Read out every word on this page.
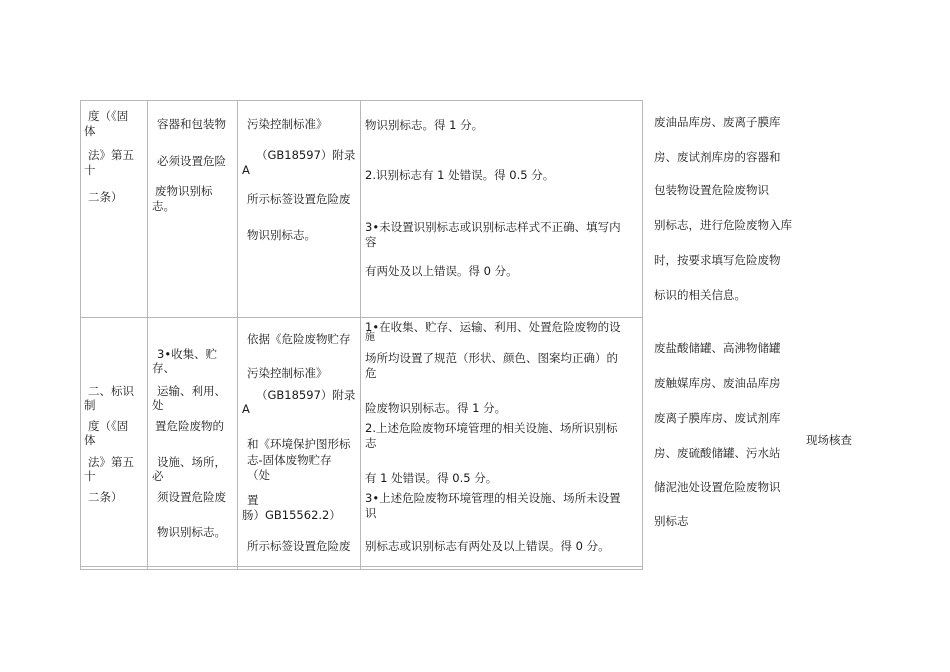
度（《固
体
法》第五
十
二条）
容器和包装物
必须设置危险
废物识别标
志。
污染控制标准》
（GB18597）附录
A
所示标签设置危险废
物识别标志。
物识别标志。得 1 分。
2.识别标志有 1 处错误。得 0.5 分。
3•未设置识别标志或识别标志样式不正确、填写内
容
有两处及以上错误。得 0 分。
废油品库房、废离子膜库
房、废试剂库房的容器和
包装物设置危险废物识
别标志，进行危险废物入库
时，按要求填写危险废物
标识的相关信息。
二、标识
制
度（《固
体
法》第五
十
二条）
3•收集、贮
存、
运输、利用、
处
置危险废物的
设施、场所，
必
须设置危险废
物识别标志。
依据《危险废物贮存
污染控制标准》
（GB18597）附录
A
和《环境保护图形标
志-固体废物贮存
（处
置
肠）GB15562.2）
所示标签设置危险废
1•在收集、贮存、运输、利用、处置危险废物的设
施
场所均设置了规范（形状、颜色、图案均正确）的
危
险废物识别标志。得 1 分。
2.上述危险废物环境管理的相关设施、场所识别标
志
有 1 处错误。得 0.5 分。
3•上述危险废物环境管理的相关设施、场所未设置
识
别标志或识别标志有两处及以上错误。得 0 分。
废盐酸储罐、高沸物储罐
废触媒库房、废油品库房
废离子膜库房、废试剂库
房、废硫酸储罐、污水站
储泥池处设置危险废物识
别标志
现场核查
